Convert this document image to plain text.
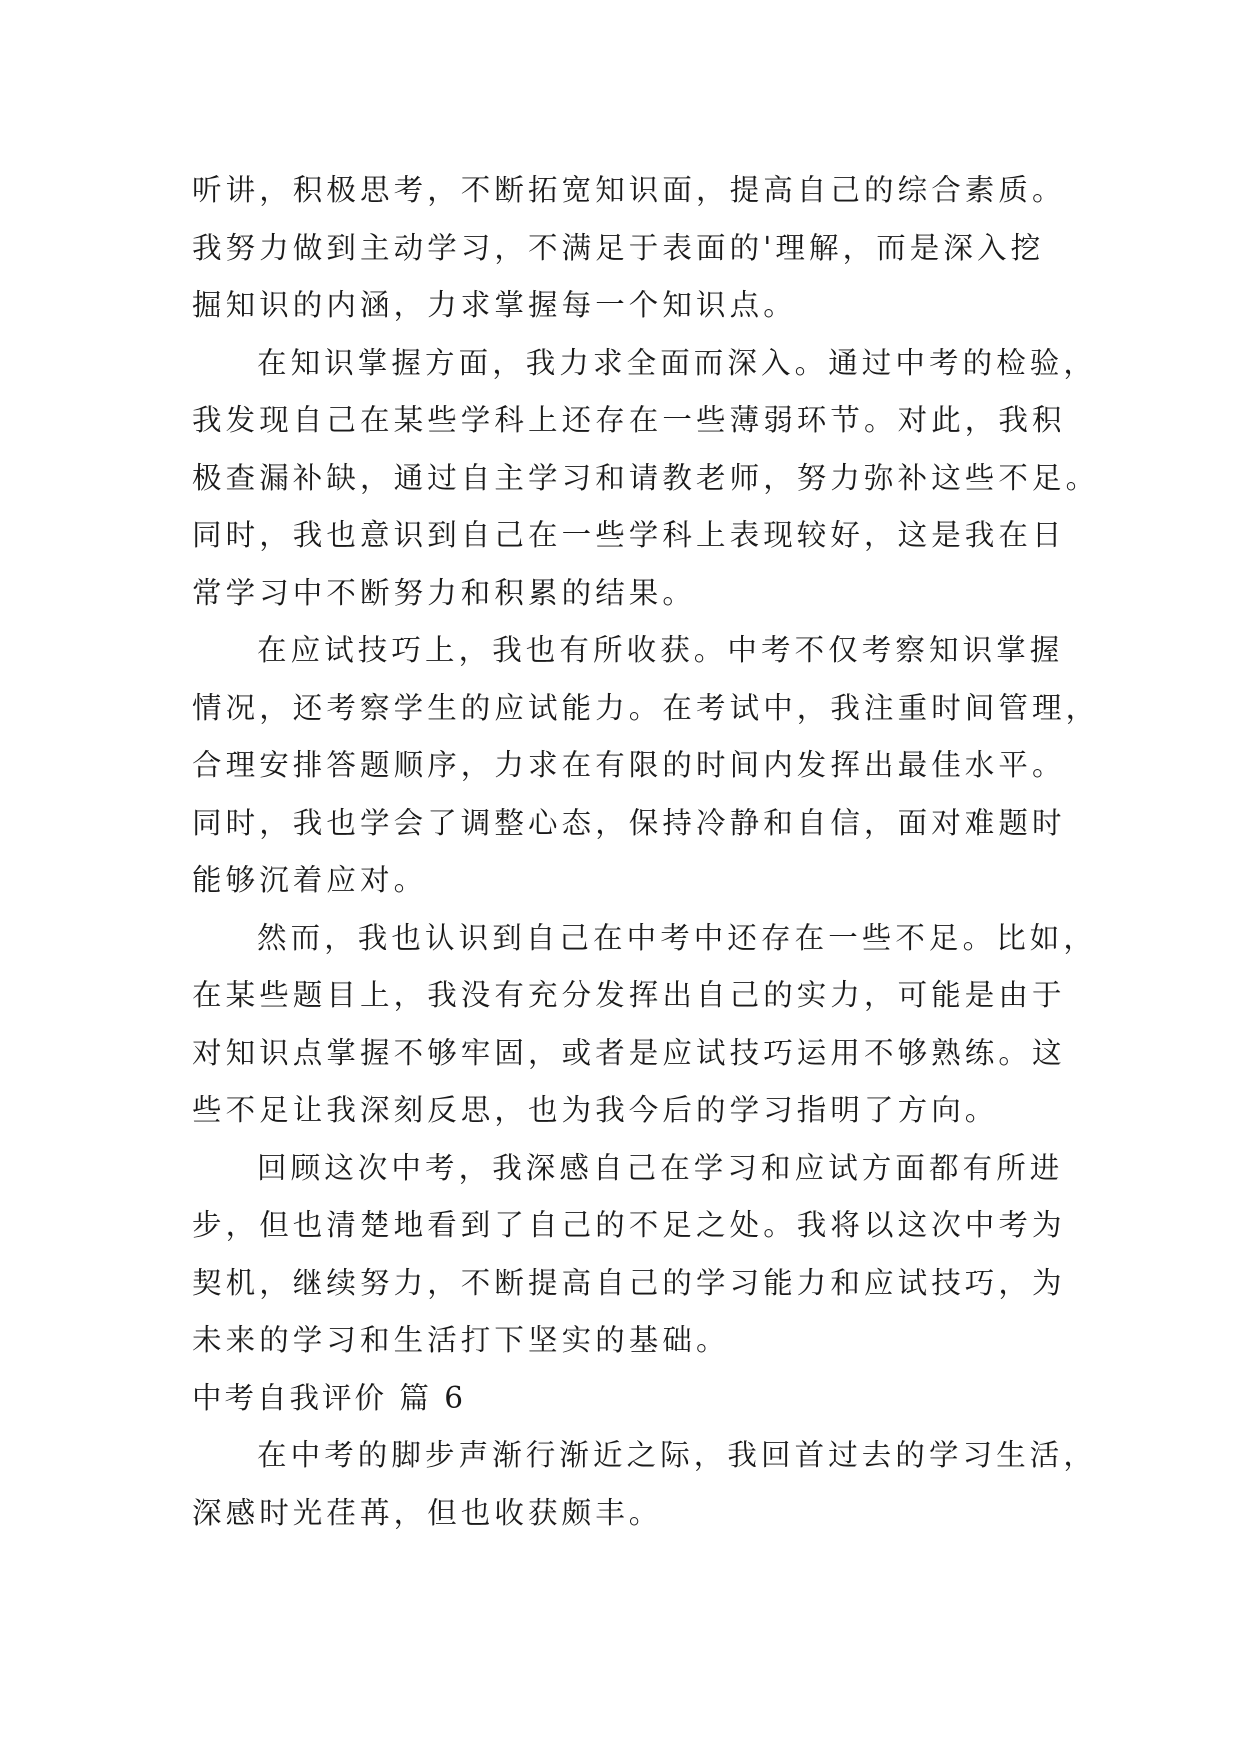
听讲，积极思考，不断拓宽知识面，提高自己的综合素质。
我努力做到主动学习，不满足于表面的'理解，而是深入挖
掘知识的内涵，力求掌握每一个知识点。
在知识掌握方面，我力求全面而深入。通过中考的检验，
我发现自己在某些学科上还存在一些薄弱环节。对此，我积
极查漏补缺，通过自主学习和请教老师，努力弥补这些不足。
同时，我也意识到自己在一些学科上表现较好，这是我在日
常学习中不断努力和积累的结果。
在应试技巧上，我也有所收获。中考不仅考察知识掌握
情况，还考察学生的应试能力。在考试中，我注重时间管理，
合理安排答题顺序，力求在有限的时间内发挥出最佳水平。
同时，我也学会了调整心态，保持冷静和自信，面对难题时
能够沉着应对。
然而，我也认识到自己在中考中还存在一些不足。比如，
在某些题目上，我没有充分发挥出自己的实力，可能是由于
对知识点掌握不够牢固，或者是应试技巧运用不够熟练。这
些不足让我深刻反思，也为我今后的学习指明了方向。
回顾这次中考，我深感自己在学习和应试方面都有所进
步，但也清楚地看到了自己的不足之处。我将以这次中考为
契机，继续努力，不断提高自己的学习能力和应试技巧，为
未来的学习和生活打下坚实的基础。
中考自我评价 篇 6
在中考的脚步声渐行渐近之际，我回首过去的学习生活，
深感时光荏苒，但也收获颇丰。
